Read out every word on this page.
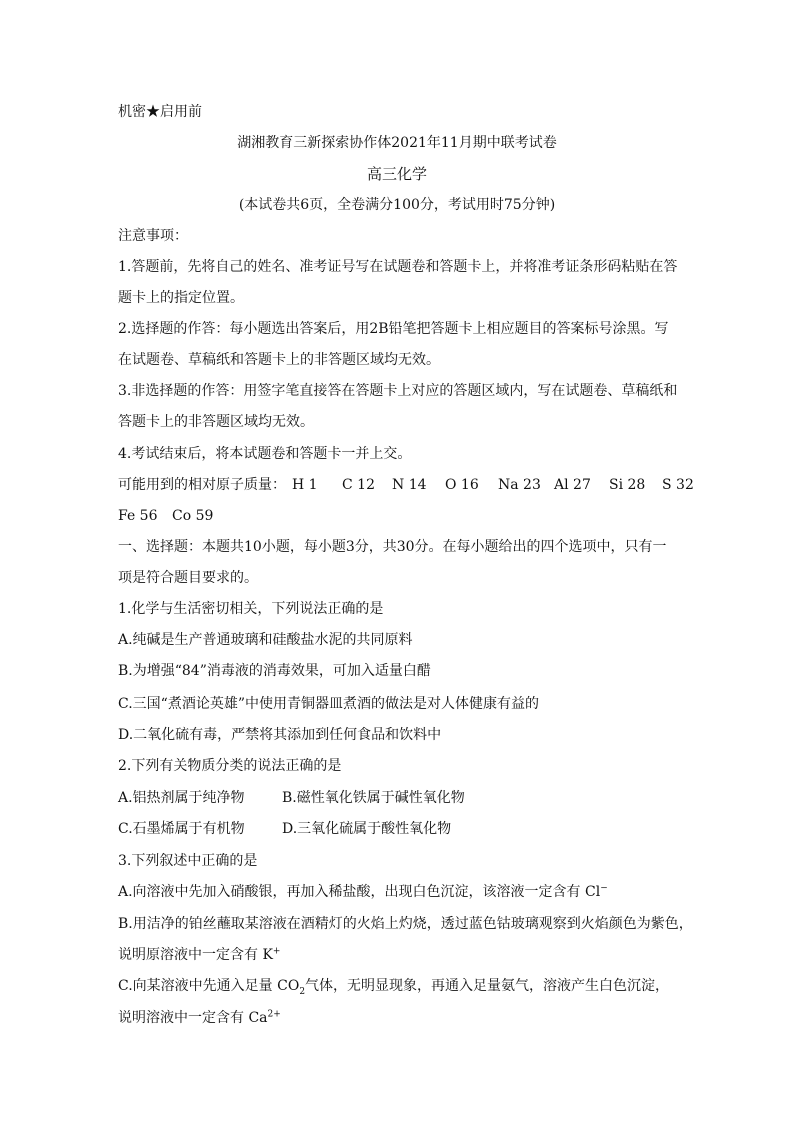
机密★启用前
湖湘教育三新探索协作体2021年11月期中联考试卷
高三化学
(本试卷共6页，全卷满分100分，考试用时75分钟)
注意事项：
1.答题前，先将自己的姓名、准考证号写在试题卷和答题卡上，并将准考证条形码粘贴在答
题卡上的指定位置。
2.选择题的作答：每小题选出答案后，用2B铅笔把答题卡上相应题目的答案标号涂黑。写
在试题卷、草稿纸和答题卡上的非答题区域均无效。
3.非选择题的作答：用签字笔直接答在答题卡上对应的答题区域内，写在试题卷、草稿纸和
答题卡上的非答题区域均无效。
4.考试结束后，将本试题卷和答题卡一并上交。
可能用到的相对原子质量： H 1 C 12 N 14 O 16 Na 23 Al 27 Si 28 S 32
Fe 56 Co 59
一、选择题：本题共10小题，每小题3分，共30分。在每小题给出的四个选项中，只有一
项是符合题目要求的。
1.化学与生活密切相关，下列说法正确的是
A.纯碱是生产普通玻璃和硅酸盐水泥的共同原料
B.为增强“84”消毒液的消毒效果，可加入适量白醋
C.三国“煮酒论英雄”中使用青铜器皿煮酒的做法是对人体健康有益的
D.二氧化硫有毒，严禁将其添加到任何食品和饮料中
2.下列有关物质分类的说法正确的是
A.铝热剂属于纯净物	B.磁性氧化铁属于碱性氧化物
C.石墨烯属于有机物	D.三氧化硫属于酸性氧化物
3.下列叙述中正确的是
A.向溶液中先加入硝酸银，再加入稀盐酸，出现白色沉淀，该溶液一定含有 Cl−
B.用洁净的铂丝蘸取某溶液在酒精灯的火焰上灼烧，透过蓝色钴玻璃观察到火焰颜色为紫色，
说明原溶液中一定含有 K+
C.向某溶液中先通入足量 $CO_2$气体，无明显现象，再通入足量氨气，溶液产生白色沉淀，
说明溶液中一定含有 $Ca^{2+}$
